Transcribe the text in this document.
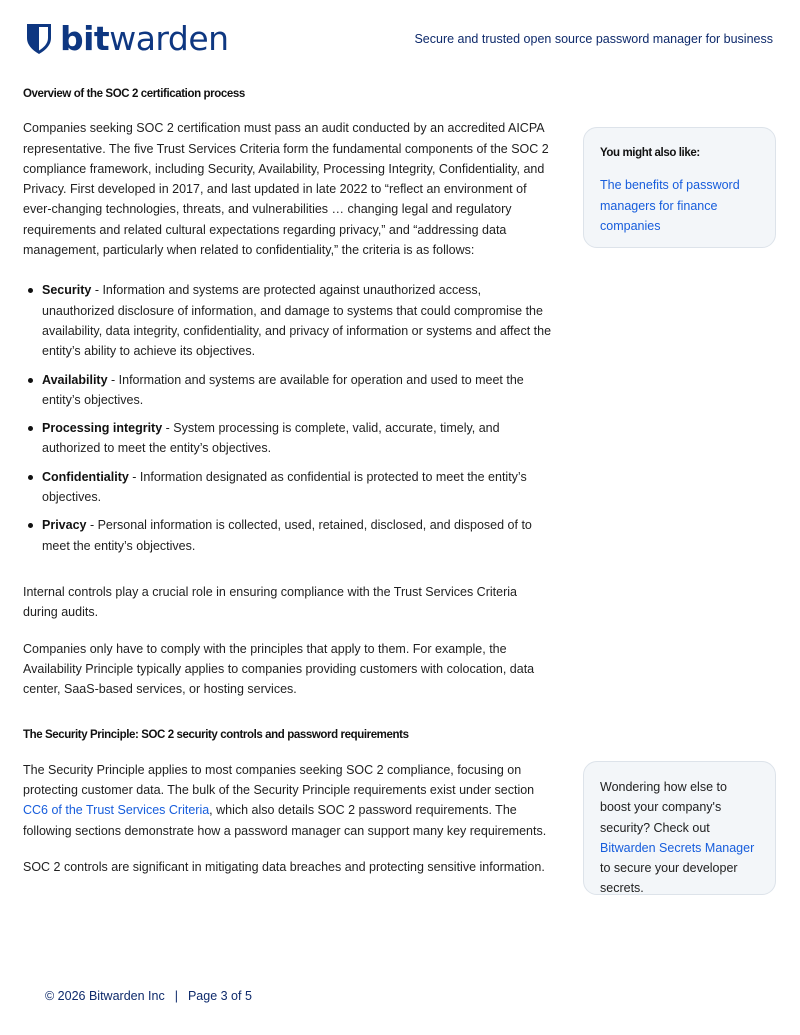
bitwarden	Secure and trusted open source password manager for business
Overview of the SOC 2 certification process

Companies seeking SOC 2 certification must pass an audit conducted by an accredited AICPA representative. The five Trust Services Criteria form the fundamental components of the SOC 2 compliance framework, including Security, Availability, Processing Integrity, Confidentiality, and Privacy. First developed in 2017, and last updated in late 2022 to “reflect an environment of ever-changing technologies, threats, and vulnerabilities … changing legal and regulatory requirements and related cultural expectations regarding privacy,” and “addressing data management, particularly when related to confidentiality,” the criteria is as follows:

Security - Information and systems are protected against unauthorized access, unauthorized disclosure of information, and damage to systems that could compromise the availability, data integrity, confidentiality, and privacy of information or systems and affect the entity’s ability to achieve its objectives.
Availability - Information and systems are available for operation and used to meet the entity’s objectives.
Processing integrity - System processing is complete, valid, accurate, timely, and authorized to meet the entity’s objectives.
Confidentiality - Information designated as confidential is protected to meet the entity’s objectives.
Privacy - Personal information is collected, used, retained, disclosed, and disposed of to meet the entity’s objectives.

Internal controls play a crucial role in ensuring compliance with the Trust Services Criteria during audits.

Companies only have to comply with the principles that apply to them. For example, the Availability Principle typically applies to companies providing customers with colocation, data center, SaaS-based services, or hosting services.

The Security Principle: SOC 2 security controls and password requirements

The Security Principle applies to most companies seeking SOC 2 compliance, focusing on protecting customer data. The bulk of the Security Principle requirements exist under section CC6 of the Trust Services Criteria, which also details SOC 2 password requirements. The following sections demonstrate how a password manager can support many key requirements.

SOC 2 controls are significant in mitigating data breaches and protecting sensitive information.

You might also like:
The benefits of password managers for finance companies
Wondering how else to boost your company's security? Check out Bitwarden Secrets Manager to secure your developer secrets.
© 2026 Bitwarden Inc | Page 3 of 5
